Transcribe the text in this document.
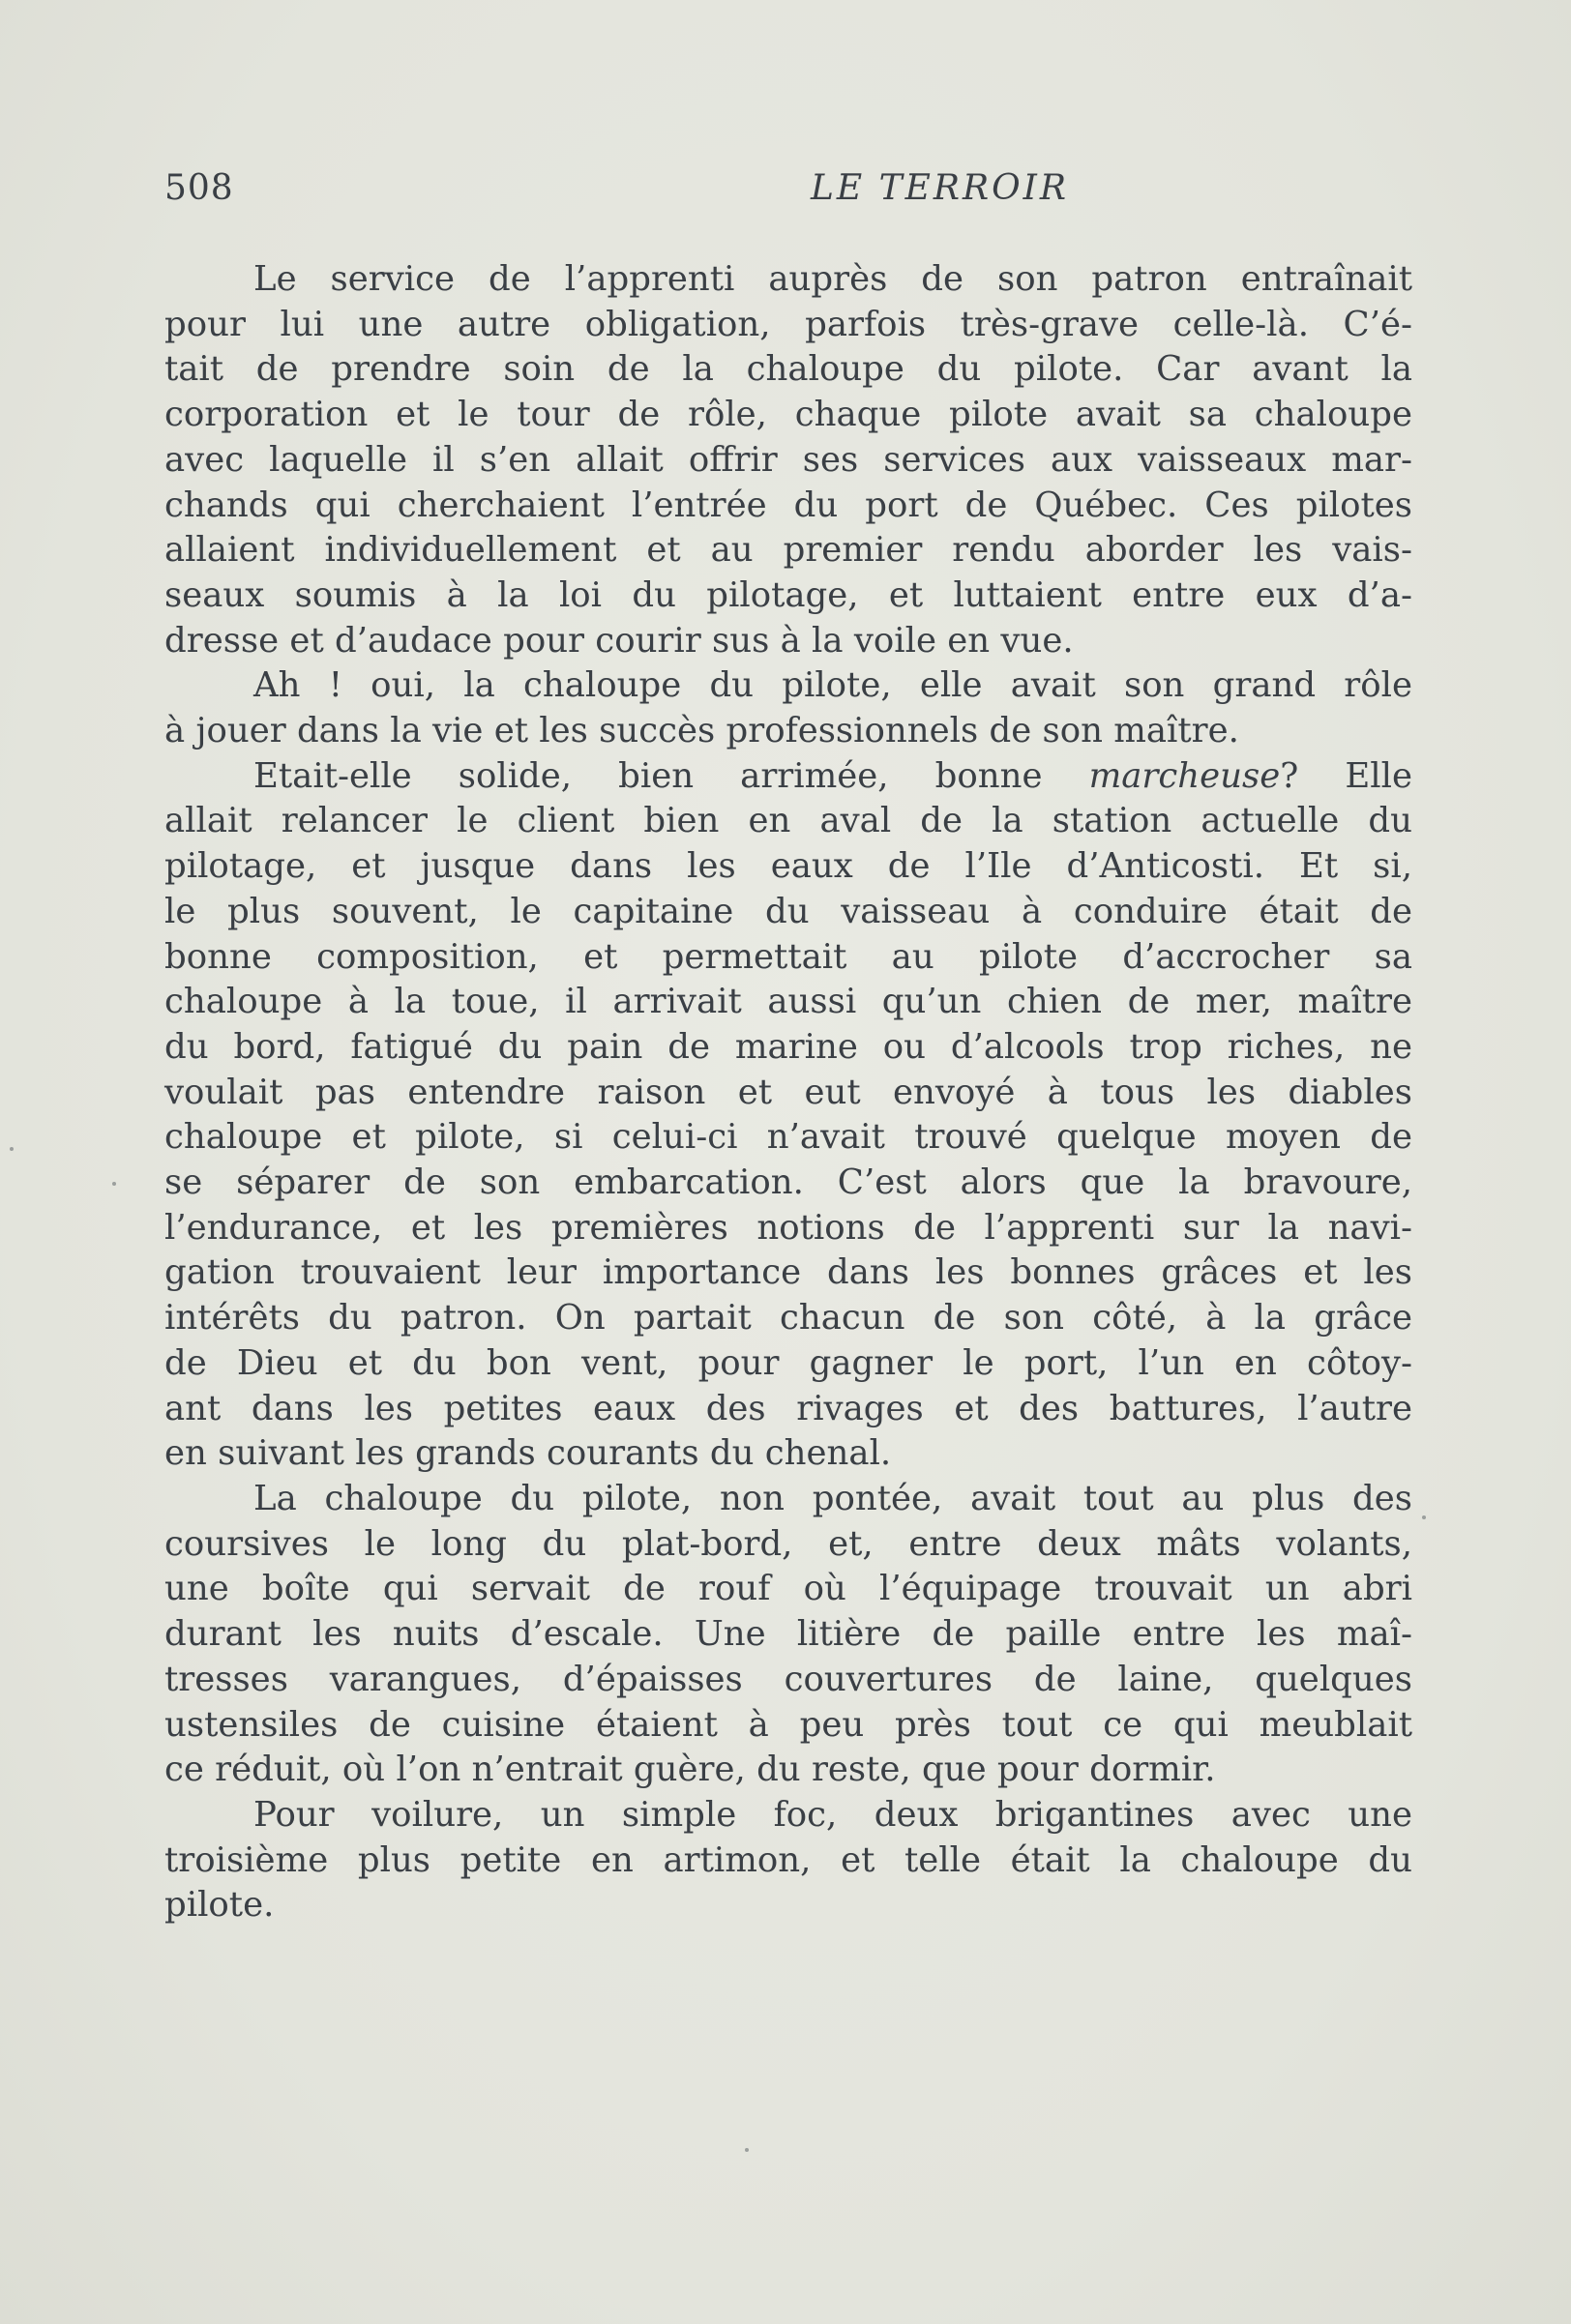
508	LE TERROIR
Le service de l’apprenti auprès de son patron entraînait
pour lui une autre obligation, parfois très-grave celle-là. C’é-
tait de prendre soin de la chaloupe du pilote. Car avant la
corporation et le tour de rôle, chaque pilote avait sa chaloupe
avec laquelle il s’en allait offrir ses services aux vaisseaux mar-
chands qui cherchaient l’entrée du port de Québec. Ces pilotes
allaient individuellement et au premier rendu aborder les vais-
seaux soumis à la loi du pilotage, et luttaient entre eux d’a-
dresse et d’audace pour courir sus à la voile en vue.
Ah ! oui, la chaloupe du pilote, elle avait son grand rôle
à jouer dans la vie et les succès professionnels de son maître.
Etait-elle solide, bien arrimée, bonne marcheuse? Elle
allait relancer le client bien en aval de la station actuelle du
pilotage, et jusque dans les eaux de l’Ile d’Anticosti. Et si,
le plus souvent, le capitaine du vaisseau à conduire était de
bonne composition, et permettait au pilote d’accrocher sa
chaloupe à la toue, il arrivait aussi qu’un chien de mer, maître
du bord, fatigué du pain de marine ou d’alcools trop riches, ne
voulait pas entendre raison et eut envoyé à tous les diables
chaloupe et pilote, si celui-ci n’avait trouvé quelque moyen de
se séparer de son embarcation. C’est alors que la bravoure,
l’endurance, et les premières notions de l’apprenti sur la navi-
gation trouvaient leur importance dans les bonnes grâces et les
intérêts du patron. On partait chacun de son côté, à la grâce
de Dieu et du bon vent, pour gagner le port, l’un en côtoy-
ant dans les petites eaux des rivages et des battures, l’autre
en suivant les grands courants du chenal.
La chaloupe du pilote, non pontée, avait tout au plus des
coursives le long du plat-bord, et, entre deux mâts volants,
une boîte qui servait de rouf où l’équipage trouvait un abri
durant les nuits d’escale. Une litière de paille entre les maî-
tresses varangues, d’épaisses couvertures de laine, quelques
ustensiles de cuisine étaient à peu près tout ce qui meublait
ce réduit, où l’on n’entrait guère, du reste, que pour dormir.
Pour voilure, un simple foc, deux brigantines avec une
troisième plus petite en artimon, et telle était la chaloupe du
pilote.
